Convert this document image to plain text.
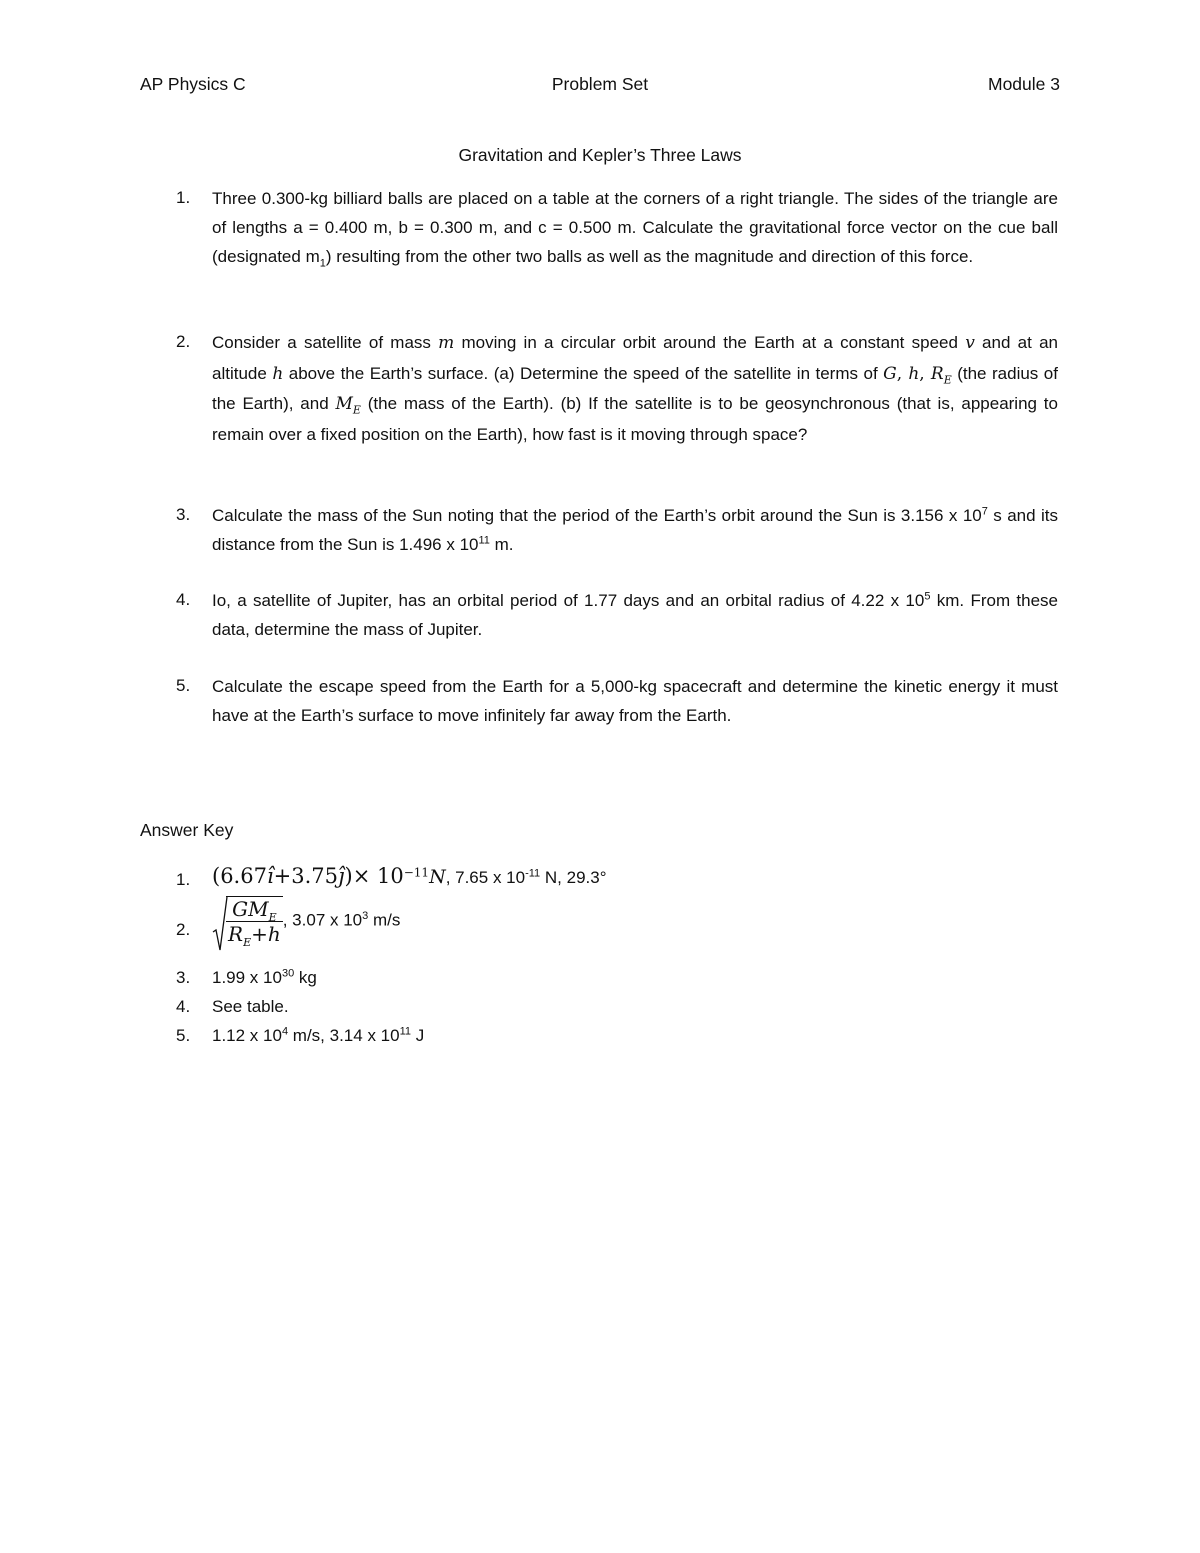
AP Physics C	Problem Set	Module 3
Gravitation and Kepler’s Three Laws
1.	Three 0.300-kg billiard balls are placed on a table at the corners of a right triangle. The sides of the triangle are of lengths a = 0.400 m, b = 0.300 m, and c = 0.500 m. Calculate the gravitational force vector on the cue ball (designated $m_1$) resulting from the other two balls as well as the magnitude and direction of this force.
2.	Consider a satellite of mass m moving in a circular orbit around the Earth at a constant speed v and at an altitude h above the Earth’s surface. (a) Determine the speed of the satellite in terms of G, h, $R_E$ (the radius of the Earth), and $M_E$ (the mass of the Earth). (b) If the satellite is to be geosynchronous (that is, appearing to remain over a fixed position on the Earth), how fast is it moving through space?
3.	Calculate the mass of the Sun noting that the period of the Earth’s orbit around the Sun is 3.156 x $10^7$ s and its distance from the Sun is 1.496 x $10^{11}$ m.
4.	Io, a satellite of Jupiter, has an orbital period of 1.77 days and an orbital radius of 4.22 x $10^5$ km. From these data, determine the mass of Jupiter.
5.	Calculate the escape speed from the Earth for a 5,000-kg spacecraft and determine the kinetic energy it must have at the Earth’s surface to move infinitely far away from the Earth.
Answer Key
1. (6.67î+3.75ĵ)× $10^{-11}N$, 7.65 x $10^{-11}$ N, 29.3°
2. $\frac{GM_E}{R_E+h}$ , 3.07 x $10^3$ m/s
3. 1.99 x $10^{30}$ kg
4. See table.
5. 1.12 x $10^4$ m/s, 3.14 x $10^{11}$ J
